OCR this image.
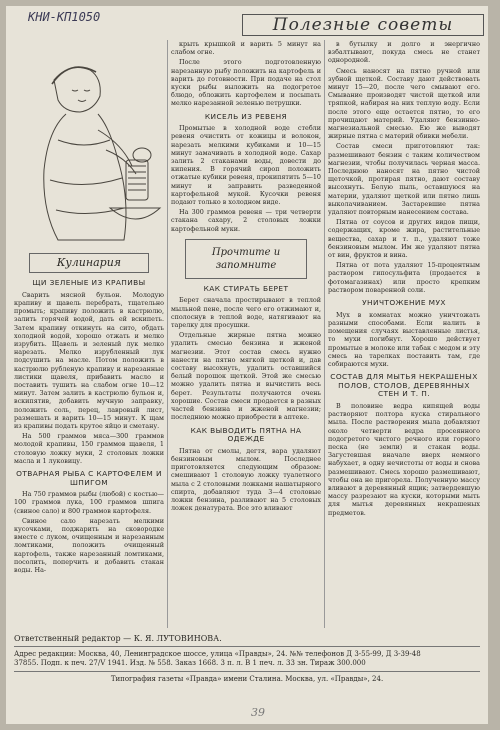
КНИ-КП1050	Полезные советы
Кулинария
ЩИ ЗЕЛЕНЫЕ ИЗ КРАПИВЫ

Сварить мясной бульон. Молодую крапиву и щавель перебрать, тщательно промыть; крапиву положить в кастрюлю, залить горячей водой, дать ей вскипеть. Затем крапиву откинуть на сито, обдать холодной водой, хорошо отжать и мелко изрубить. Щавель и зеленый лук мелко нарезать. Мелко изрубленный лук подсушить на масле. Потом положить в кастрюлю рубленую крапиву и нарезанные листики щавеля, прибавить масло и поставить тушить на слабом огне 10—12 минут. Затем залить в кастрюлю бульон и, вскипятив, добавить мучную заправку, положить соль, перец, лавровый лист, размешать и варить 10—15 минут. К щам из крапивы подать крутое яйцо и сметану.

На 500 граммов мяса—300 граммов молодой крапивы, 150 граммов щавеля, 1 столовую ложку муки, 2 столовых ложки масла и 1 луковицу.

ОТВАРНАЯ РЫБА С КАРТОФЕЛЕМ И ШПИГОМ

На 750 граммов рыбы (любой) с костью—100 граммов лука, 100 граммов шпига (свиное сало) и 800 граммов картофеля.

Свиное сало нарезать мелкими кусочками, поджарить на сковородке вместе с луком, очищенным и нарезанным ломтиками, положить очищенный картофель, также нарезанный ломтиками, посолить, поперчить и добавить стакан воды. На-

крыть крышкой и варить 5 минут на слабом огне.

После этого подготовленную нарезанную рыбу положить на картофель и варить до готовности. При подаче на стол куски рыбы выложить на подогретое блюдо, обложить картофелем и посыпать мелко нарезанной зеленью петрушки.

КИСЕЛЬ ИЗ РЕВЕНЯ

Промытые в холодной воде стебли ревеня очистить от кожицы и волокон, нарезать мелкими кубиками и 10—15 минут замачивать в холодной воде. Сахар залить 2 стаканами воды, довести до кипения. В горячий сироп положить отжатые кубики ревеня, прокипятить 5—10 минут и заправить разведенной картофельной мукой. Кусочки ревеня подают только в холодном виде.

На 300 граммов ревеня — три четверти стакана сахару, 2 столовых ложки картофельной муки.

Прочтите и запомните
КАК СТИРАТЬ БЕРЕТ

Берет сначала простирывают в теплой мыльной пене, после чего его отжимают и, сполоснув в теплой воде, натягивают на тарелку для просушки.

Отдельные жирные пятна можно удалить смесью бензина и жженой магнезии. Этот состав смесь нужно нанести на пятно мягкой щеткой и, дав составу высохнуть, удалить оставшийся белый порошок щеткой. Этой же смесью можно удалить пятна и вычистить весь берет. Результаты получаются очень хорошие. Состав смеси продается в разных частей бензина и жженой магнезии; последнюю можно приобрести в аптеке.

КАК ВЫВОДИТЬ ПЯТНА НА ОДЕЖДЕ

Пятна от смолы, дегтя, вара удаляют бензиновым мылом. Последнее приготовляется следующим образом: смешивают 1 столовую ложку туалетного мыла с 2 столовыми ложками нашатырного спирта, добавляют туда 3—4 столовые ложки бензина, разливают на 5 столовых ложек денатурата. Все это вливают

в бутылку и долго и энергично взбалтывают, покуда смесь не станет однородной.

Смесь наносят на пятно ручной или зубной щеткой. Составу дают действовать минут 15—20, после чего смывают его. Смывание производят чистой щеткой или тряпкой, набирая на них теплую воду. Если после этого еще остается пятно, то его прочищают материй. Удаляют бензинно-магнезиальной смесью. Ею же выводят жирные пятна с материй обивки мебели.

Состав смеси приготовляют так: размешивают бензин с таким количеством магнезии, чтобы получилась черная масса. Последнюю наносят на пятно чистой щеточкой, протирая пятно, дают составу высохнуть. Белую пыль, оставшуюся на материи, удаляют щеткой или пятно лишь выколачиванием. Застаревшие пятна удаляют повторным нанесением состава.

Пятна от соусов и других видов пищи, содержащих, кроме жира, растительные вещества, сахар и т. п., удаляют тоже бензиновым мылом. Им же удаляют пятна от вин, фруктов и вина.

Пятна от пота удаляют 15-процентным раствором гипосульфита (продается в фотомагазинах) или просто крепким раствором поваренной соли.

УНИЧТОЖЕНИЕ МУХ

Мух в комнатах можно уничтожать разными способами. Если налить в помещения случаях выставленные листья, то мухи погибнут. Хорошо действует промытые в молоке или табак с медом и эту смесь на тарелках поставить там, где собираются мухи.

СОСТАВ ДЛЯ МЫТЬЯ НЕКРАШЕНЫХ ПОЛОВ, СТОЛОВ, ДЕРЕВЯННЫХ СТЕН И Т. П.

В половине ведра кипящей воды растворяют полтора куска стирального мыла. После растворения мыла добавляют около четверти ведра просеянного подогретого чистого речного или горного песка (не земли) и стакан воды. Загустевшая вначале вверх немного набухает, в одну нечистоты от воды и снова размешивают. Смесь хорошо размешивают, чтобы она не пригорела. Полученную массу вливают в деревянный ящик; затвердевшую массу разрезают на куски, которыми мыть для мытья деревянных некрашеных предметов.

Ответственный редактор — К. Я. ЛУТОВИНОВА.
Адрес редакции: Москва, 40, Ленинградское шоссе, улица «Правды», 24. №№ телефонов Д 3-55-99, Д 3-39-48
37855. Подп. к печ. 27/V 1941. Изд. № 558. Заказ 1668. 3 п. л. В 1 печ. л. 33 зн. Тираж 300.000
Типография газеты «Правда» имени Сталина. Москва, ул. «Правды», 24.
39
